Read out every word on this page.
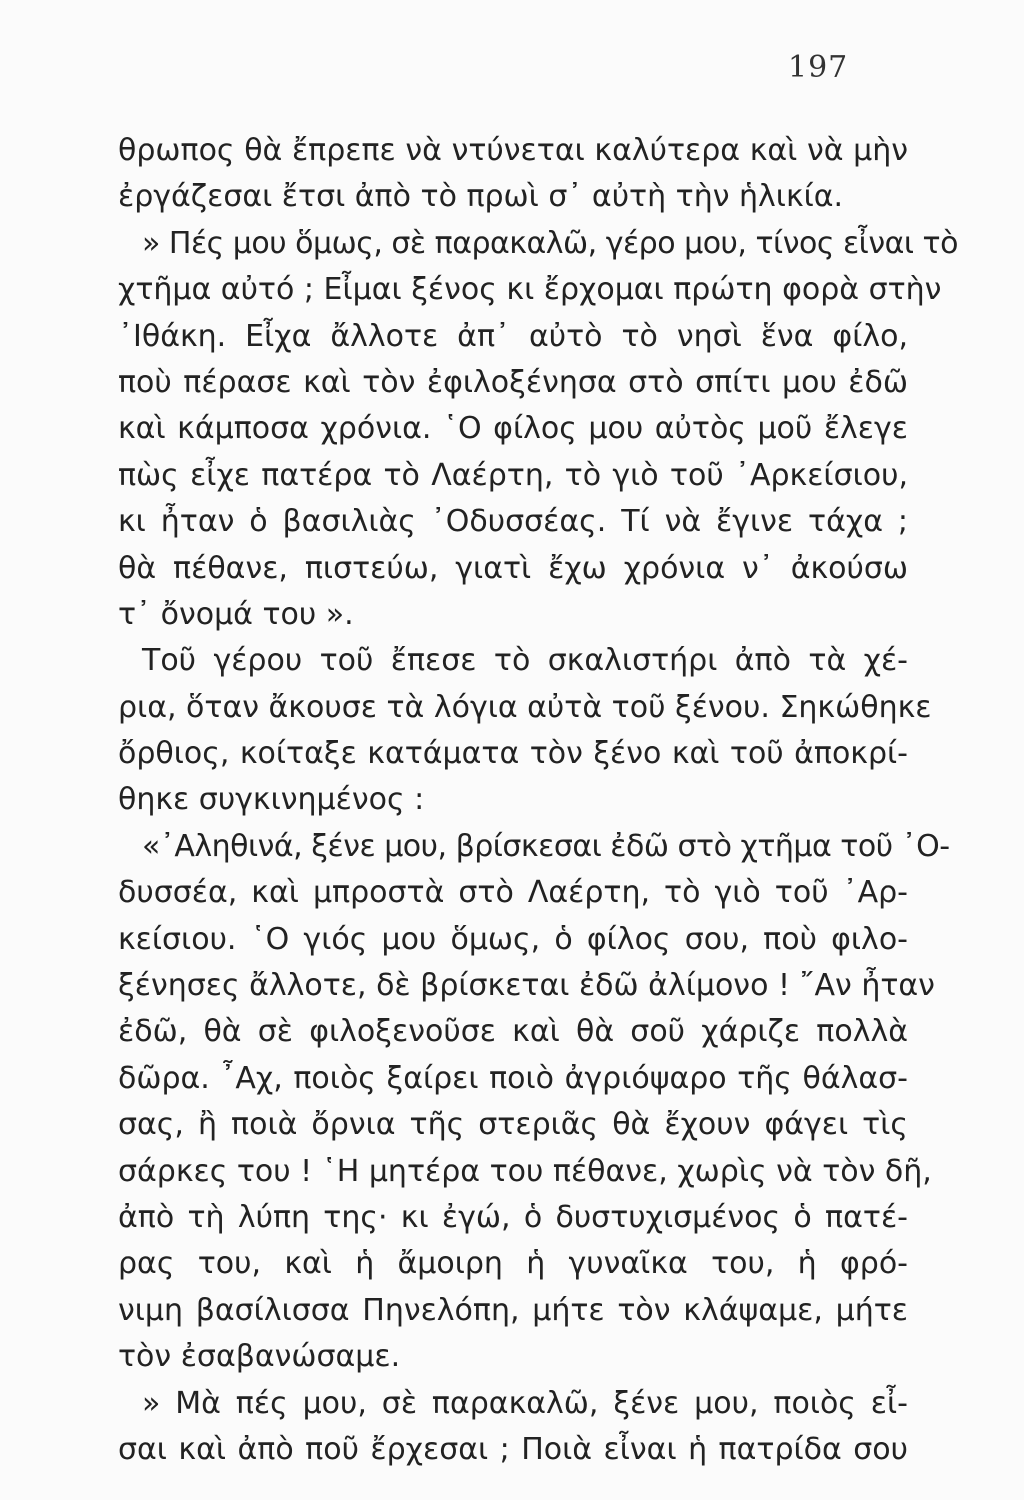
197
θρωπος θὰ ἔπρεπε νὰ ντύνεται καλύτερα καὶ νὰ μὴν
ἐργάζεσαι ἔτσι ἀπὸ τὸ πρωὶ σ᾽ αὐτὴ τὴν ἡλικία.
» Πές μου ὅμως, σὲ παρακαλῶ, γέρο μου, τίνος εἶναι τὸ
χτῆμα αὐτό ; Εἶμαι ξένος κι ἔρχομαι πρώτη φορὰ στὴν
᾽Ιθάκη. Εἶχα ἄλλοτε ἀπ᾽ αὐτὸ τὸ νησὶ ἕνα φίλο,
ποὺ πέρασε καὶ τὸν ἐφιλοξένησα στὸ σπίτι μου ἐδῶ
καὶ κάμποσα χρόνια. ῾Ο φίλος μου αὐτὸς μοῦ ἔλεγε
πὼς εἶχε πατέρα τὸ Λαέρτη, τὸ γιὸ τοῦ ᾽Αρκείσιου,
κι ἦταν ὁ βασιλιὰς ᾽Οδυσσέας. Τί νὰ ἔγινε τάχα ;
θὰ πέθανε, πιστεύω, γιατὶ ἔχω χρόνια ν᾽ ἀκούσω
τ᾽ ὄνομά του ».
Τοῦ γέρου τοῦ ἔπεσε τὸ σκαλιστήρι ἀπὸ τὰ χέ-
ρια, ὅταν ἄκουσε τὰ λόγια αὐτὰ τοῦ ξένου. Σηκώθηκε
ὄρθιος, κοίταξε κατάματα τὸν ξένο καὶ τοῦ ἀποκρί-
θηκε συγκινημένος :
«᾽Αληθινά, ξένε μου, βρίσκεσαι ἐδῶ στὸ χτῆμα τοῦ ᾽Ο-
δυσσέα, καὶ μπροστὰ στὸ Λαέρτη, τὸ γιὸ τοῦ ᾽Αρ-
κείσιου. ῾Ο γιός μου ὅμως, ὁ φίλος σου, ποὺ φιλο-
ξένησες ἄλλοτε, δὲ βρίσκεται ἐδῶ ἀλίμονο ! ῎Αν ἦταν
ἐδῶ, θὰ σὲ φιλοξενοῦσε καὶ θὰ σοῦ χάριζε πολλὰ
δῶρα. ῏Αχ, ποιὸς ξαίρει ποιὸ ἀγριόψαρο τῆς θάλασ-
σας, ἢ ποιὰ ὄρνια τῆς στεριᾶς θὰ ἔχουν φάγει τὶς
σάρκες του ! ῾Η μητέρα του πέθανε, χωρὶς νὰ τὸν δῆ,
ἀπὸ τὴ λύπη της· κι ἐγώ, ὁ δυστυχισμένος ὁ πατέ-
ρας του, καὶ ἡ ἄμοιρη ἡ γυναῖκα του, ἡ φρό-
νιμη βασίλισσα Πηνελόπη, μήτε τὸν κλάψαμε, μήτε
τὸν ἐσαβανώσαμε.
» Μὰ πές μου, σὲ παρακαλῶ, ξένε μου, ποιὸς εἶ-
σαι καὶ ἀπὸ ποῦ ἔρχεσαι ; Ποιὰ εἶναι ἡ πατρίδα σου
